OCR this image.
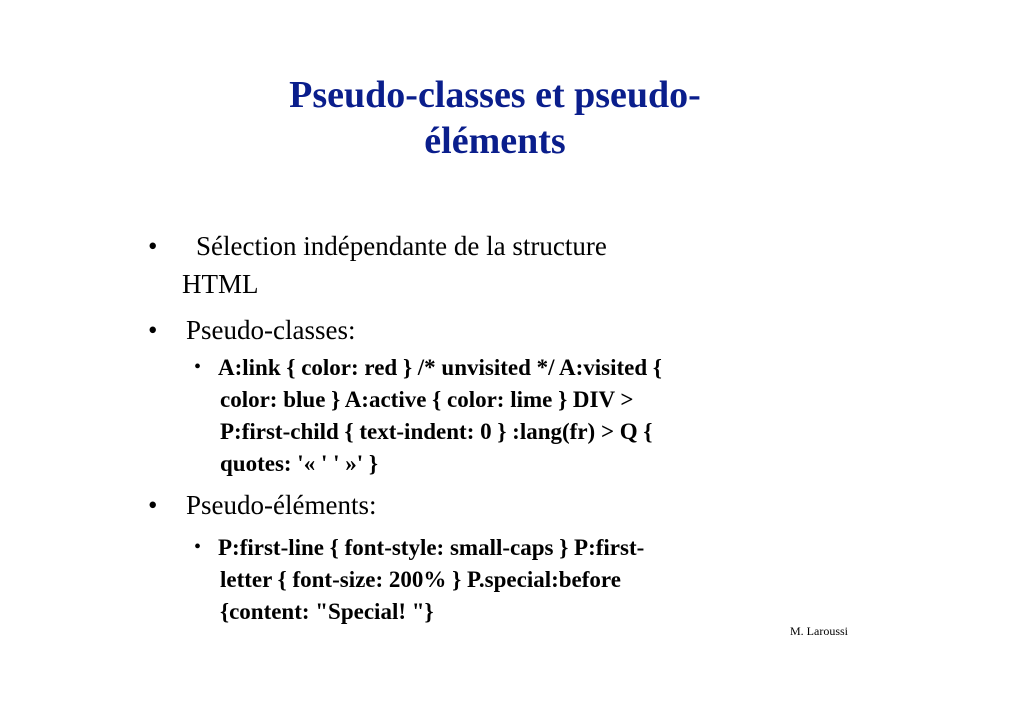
Pseudo-classes et pseudo-
éléments
• Sélection indépendante de la structure
HTML
• Pseudo-classes:
• A:link { color: red } /* unvisited */ A:visited {
color: blue } A:active { color: lime } DIV >
P:first-child { text-indent: 0 } :lang(fr) > Q {
quotes: '« ' ' »' }
• Pseudo-éléments:
• P:first-line { font-style: small-caps } P:first-
letter { font-size: 200% } P.special:before
{content: "Special! "}
M. Laroussi
